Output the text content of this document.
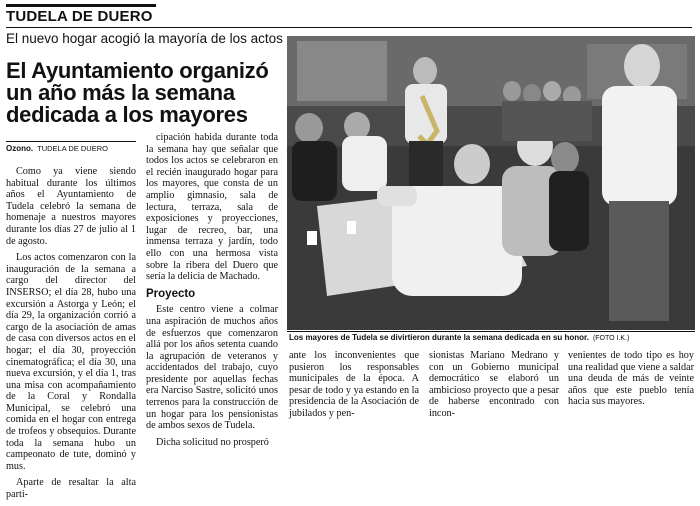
TUDELA DE DUERO
El nuevo hogar acogió la mayoría de los actos
El Ayuntamiento organizó
un año más la semana
dedicada a los mayores
Ozono. TUDELA DE DUERO

Como ya viene siendo habitual durante los últimos años el Ayuntamiento de Tudela celebró la semana de homenaje a nuestros mayores durante los días 27 de julio al 1 de agosto.

Los actos comenzaron con la inauguración de la semana a cargo del director del INSERSO; el día 28, hubo una excursión a Astorga y León; el día 29, la organización corrió a cargo de la asociación de amas de casa con diversos actos en el hogar; el día 30, proyección cinematográfica; el día 30, una nueva excursión, y el día 1, tras una misa con acompañamiento de la Coral y Rondalla Municipal, se celebró una comida en el hogar con entrega de trofeos y obsequios. Durante toda la semana hubo un campeonato de tute, dominó y mus.

Aparte de resaltar la alta parti-

cipación habida durante toda la semana hay que señalar que todos los actos se celebraron en el recién inaugurado hogar para los mayores, que consta de un amplio gimnasio, sala de lectura, terraza, sala de exposiciones y proyecciones, lugar de recreo, bar, una inmensa terraza y jardín, todo ello con una hermosa vista sobre la ribera del Duero que sería la delicia de Machado.

Proyecto

Este centro viene a colmar una aspiración de muchos años de esfuerzos que comenzaron allá por los años setenta cuando la agrupación de veteranos y accidentados del trabajo, cuyo presidente por aquellas fechas era Narciso Sastre, solicitó unos terrenos para la construcción de un hogar para los pensionistas de ambos sexos de Tudela.

Dicha solicitud no prosperó

Los mayores de Tudela se divirtieron durante la semana dedicada en su honor. (FOTO I.K.)
ante los inconvenientes que pusieron los responsables municipales de la época. A pesar de todo y ya estando en la presidencia de la Asociación de jubilados y pen-
sionistas Mariano Medrano y con un Gobierno municipal democrático se elaboró un ambicioso proyecto que a pesar de haberse encontrado con incon-
venientes de todo tipo es hoy una realidad que viene a saldar una deuda de más de veinte años que este pueblo tenía hacia sus mayores.
